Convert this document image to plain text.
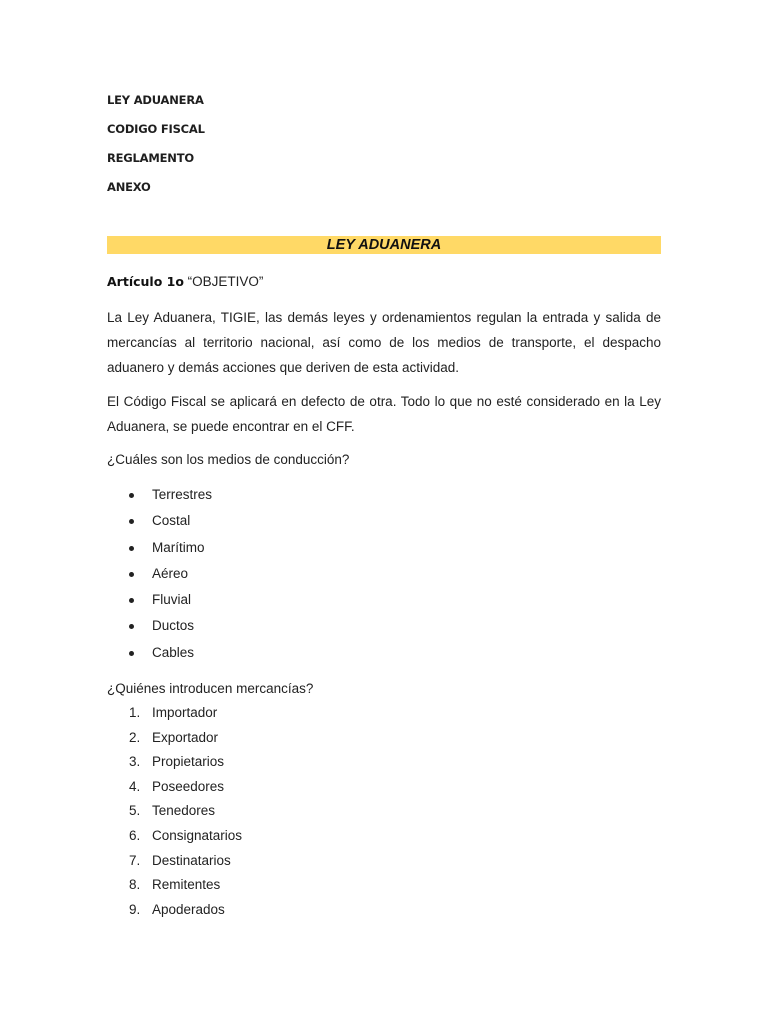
LEY ADUANERA
CODIGO FISCAL
REGLAMENTO
ANEXO
LEY ADUANERA
Artículo 1o “OBJETIVO”

La Ley Aduanera, TIGIE, las demás leyes y ordenamientos regulan la entrada y salida de mercancías al territorio nacional, así como de los medios de transporte, el despacho aduanero y demás acciones que deriven de esta actividad.

El Código Fiscal se aplicará en defecto de otra. Todo lo que no esté considerado en la Ley Aduanera, se puede encontrar en el CFF.

¿Cuáles son los medios de conducción?
Terrestres
Costal
Marítimo
Aéreo
Fluvial
Ductos
Cables
¿Quiénes introducen mercancías?
1. Importador
2. Exportador
3. Propietarios
4. Poseedores
5. Tenedores
6. Consignatarios
7. Destinatarios
8. Remitentes
9. Apoderados
